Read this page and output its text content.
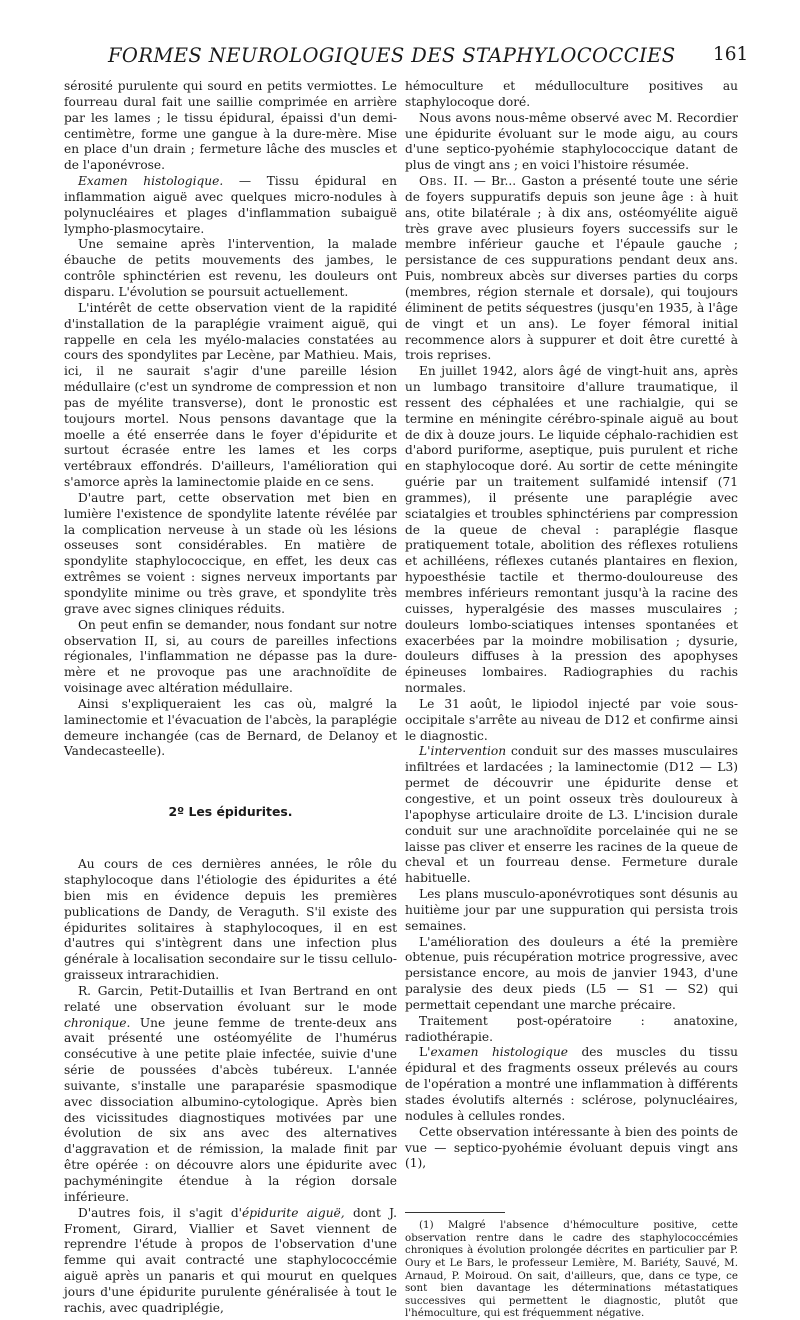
FORMES NEUROLOGIQUES DES STAPHYLOCOCCIES 161

sérosité purulente qui sourd en petits vermiottes. Le fourreau dural fait une saillie comprimée en arrière par les lames ; le tissu épidural, épaissi d'un demi-centimètre, forme une gangue à la dure-mère. Mise en place d'un drain ; fermeture lâche des muscles et de l'aponévrose.

Examen histologique. — Tissu épidural en inflammation aiguë avec quelques micro-nodules à polynucléaires et plages d'inflammation subaiguë lympho-plasmocytaire.

Une semaine après l'intervention, la malade ébauche de petits mouvements des jambes, le contrôle sphinctérien est revenu, les douleurs ont disparu. L'évolution se poursuit actuellement.

L'intérêt de cette observation vient de la rapidité d'installation de la paraplégie vraiment aiguë, qui rappelle en cela les myélo-malacies constatées au cours des spondylites par Lecène, par Mathieu. Mais, ici, il ne saurait s'agir d'une pareille lésion médullaire (c'est un syndrome de compression et non pas de myélite transverse), dont le pronostic est toujours mortel. Nous pensons davantage que la moelle a été enserrée dans le foyer d'épidurite et surtout écrasée entre les lames et les corps vertébraux effondrés. D'ailleurs, l'amélioration qui s'amorce après la laminectomie plaide en ce sens.

D'autre part, cette observation met bien en lumière l'existence de spondylite latente révélée par la complication nerveuse à un stade où les lésions osseuses sont considérables. En matière de spondylite staphylococcique, en effet, les deux cas extrêmes se voient : signes nerveux importants par spondylite minime ou très grave, et spondylite très grave avec signes cliniques réduits.

On peut enfin se demander, nous fondant sur notre observation II, si, au cours de pareilles infections régionales, l'inflammation ne dépasse pas la dure-mère et ne provoque pas une arachnoïdite de voisinage avec altération médullaire.

Ainsi s'expliqueraient les cas où, malgré la laminectomie et l'évacuation de l'abcès, la paraplégie demeure inchangée (cas de Bernard, de Delanoy et Vandecasteelle).

2º Les épidurites.

Au cours de ces dernières années, le rôle du staphylocoque dans l'étiologie des épidurites a été bien mis en évidence depuis les premières publications de Dandy, de Veraguth. S'il existe des épidurites solitaires à staphylocoques, il en est d'autres qui s'intègrent dans une infection plus générale à localisation secondaire sur le tissu cellulo-graisseux intrarachidien.

R. Garcin, Petit-Dutaillis et Ivan Bertrand en ont relaté une observation évoluant sur le mode chronique. Une jeune femme de trente-deux ans avait présenté une ostéomyélite de l'humérus consécutive à une petite plaie infectée, suivie d'une série de poussées d'abcès tubéreux. L'année suivante, s'installe une paraparésie spasmodique avec dissociation albumino-cytologique. Après bien des vicissitudes diagnostiques motivées par une évolution de six ans avec des alternatives d'aggravation et de rémission, la malade finit par être opérée : on découvre alors une épidurite avec pachyméningite étendue à la région dorsale inférieure.

D'autres fois, il s'agit d'épidurite aiguë, dont J. Froment, Girard, Viallier et Savet viennent de reprendre l'étude à propos de l'observation d'une femme qui avait contracté une staphylococcémie aiguë après un panaris et qui mourut en quelques jours d'une épidurite purulente généralisée à tout le rachis, avec quadriplégie,

hémoculture et médulloculture positives au staphylocoque doré.

Nous avons nous-même observé avec M. Recordier une épidurite évoluant sur le mode aigu, au cours d'une septico-pyohémie staphylococcique datant de plus de vingt ans ; en voici l'histoire résumée.

Obs. II. — Br... Gaston a présenté toute une série de foyers suppuratifs depuis son jeune âge : à huit ans, otite bilatérale ; à dix ans, ostéomyélite aiguë très grave avec plusieurs foyers successifs sur le membre inférieur gauche et l'épaule gauche ; persistance de ces suppurations pendant deux ans. Puis, nombreux abcès sur diverses parties du corps (membres, région sternale et dorsale), qui toujours éliminent de petits séquestres (jusqu'en 1935, à l'âge de vingt et un ans). Le foyer fémoral initial recommence alors à suppurer et doit être curetté à trois reprises.

En juillet 1942, alors âgé de vingt-huit ans, après un lumbago transitoire d'allure traumatique, il ressent des céphalées et une rachialgie, qui se termine en méningite cérébro-spinale aiguë au bout de dix à douze jours. Le liquide céphalo-rachidien est d'abord puriforme, aseptique, puis purulent et riche en staphylocoque doré. Au sortir de cette méningite guérie par un traitement sulfamidé intensif (71 grammes), il présente une paraplégie avec sciatalgies et troubles sphinctériens par compression de la queue de cheval : paraplégie flasque pratiquement totale, abolition des réflexes rotuliens et achilléens, réflexes cutanés plantaires en flexion, hypoesthésie tactile et thermo-douloureuse des membres inférieurs remontant jusqu'à la racine des cuisses, hyperalgésie des masses musculaires ; douleurs lombo-sciatiques intenses spontanées et exacerbées par la moindre mobilisation ; dysurie, douleurs diffuses à la pression des apophyses épineuses lombaires. Radiographies du rachis normales.

Le 31 août, le lipiodol injecté par voie sous-occipitale s'arrête au niveau de D12 et confirme ainsi le diagnostic.

L'intervention conduit sur des masses musculaires infiltrées et lardacées ; la laminectomie (D12 — L3) permet de découvrir une épidurite dense et congestive, et un point osseux très douloureux à l'apophyse articulaire droite de L3. L'incision durale conduit sur une arachnoïdite porcelainée qui ne se laisse pas cliver et enserre les racines de la queue de cheval et un fourreau dense. Fermeture durale habituelle.

Les plans musculo-aponévrotiques sont désunis au huitième jour par une suppuration qui persista trois semaines.

L'amélioration des douleurs a été la première obtenue, puis récupération motrice progressive, avec persistance encore, au mois de janvier 1943, d'une paralysie des deux pieds (L5 — S1 — S2) qui permettait cependant une marche précaire.

Traitement post-opératoire : anatoxine, radiothérapie.

L'examen histologique des muscles du tissu épidural et des fragments osseux prélevés au cours de l'opération a montré une inflammation à différents stades évolutifs alternés : sclérose, polynucléaires, nodules à cellules rondes.

Cette observation intéressante à bien des points de vue — septico-pyohémie évoluant depuis vingt ans (1),

(1) Malgré l'absence d'hémoculture positive, cette observation rentre dans le cadre des staphylococcémies chroniques à évolution prolongée décrites en particulier par P. Oury et Le Bars, le professeur Lemière, M. Bariéty, Sauvé, M. Arnaud, P. Moiroud. On sait, d'ailleurs, que, dans ce type, ce sont bien davantage les déterminations métastatiques successives qui permettent le diagnostic, plutôt que l'hémoculture, qui est fréquemment négative.
